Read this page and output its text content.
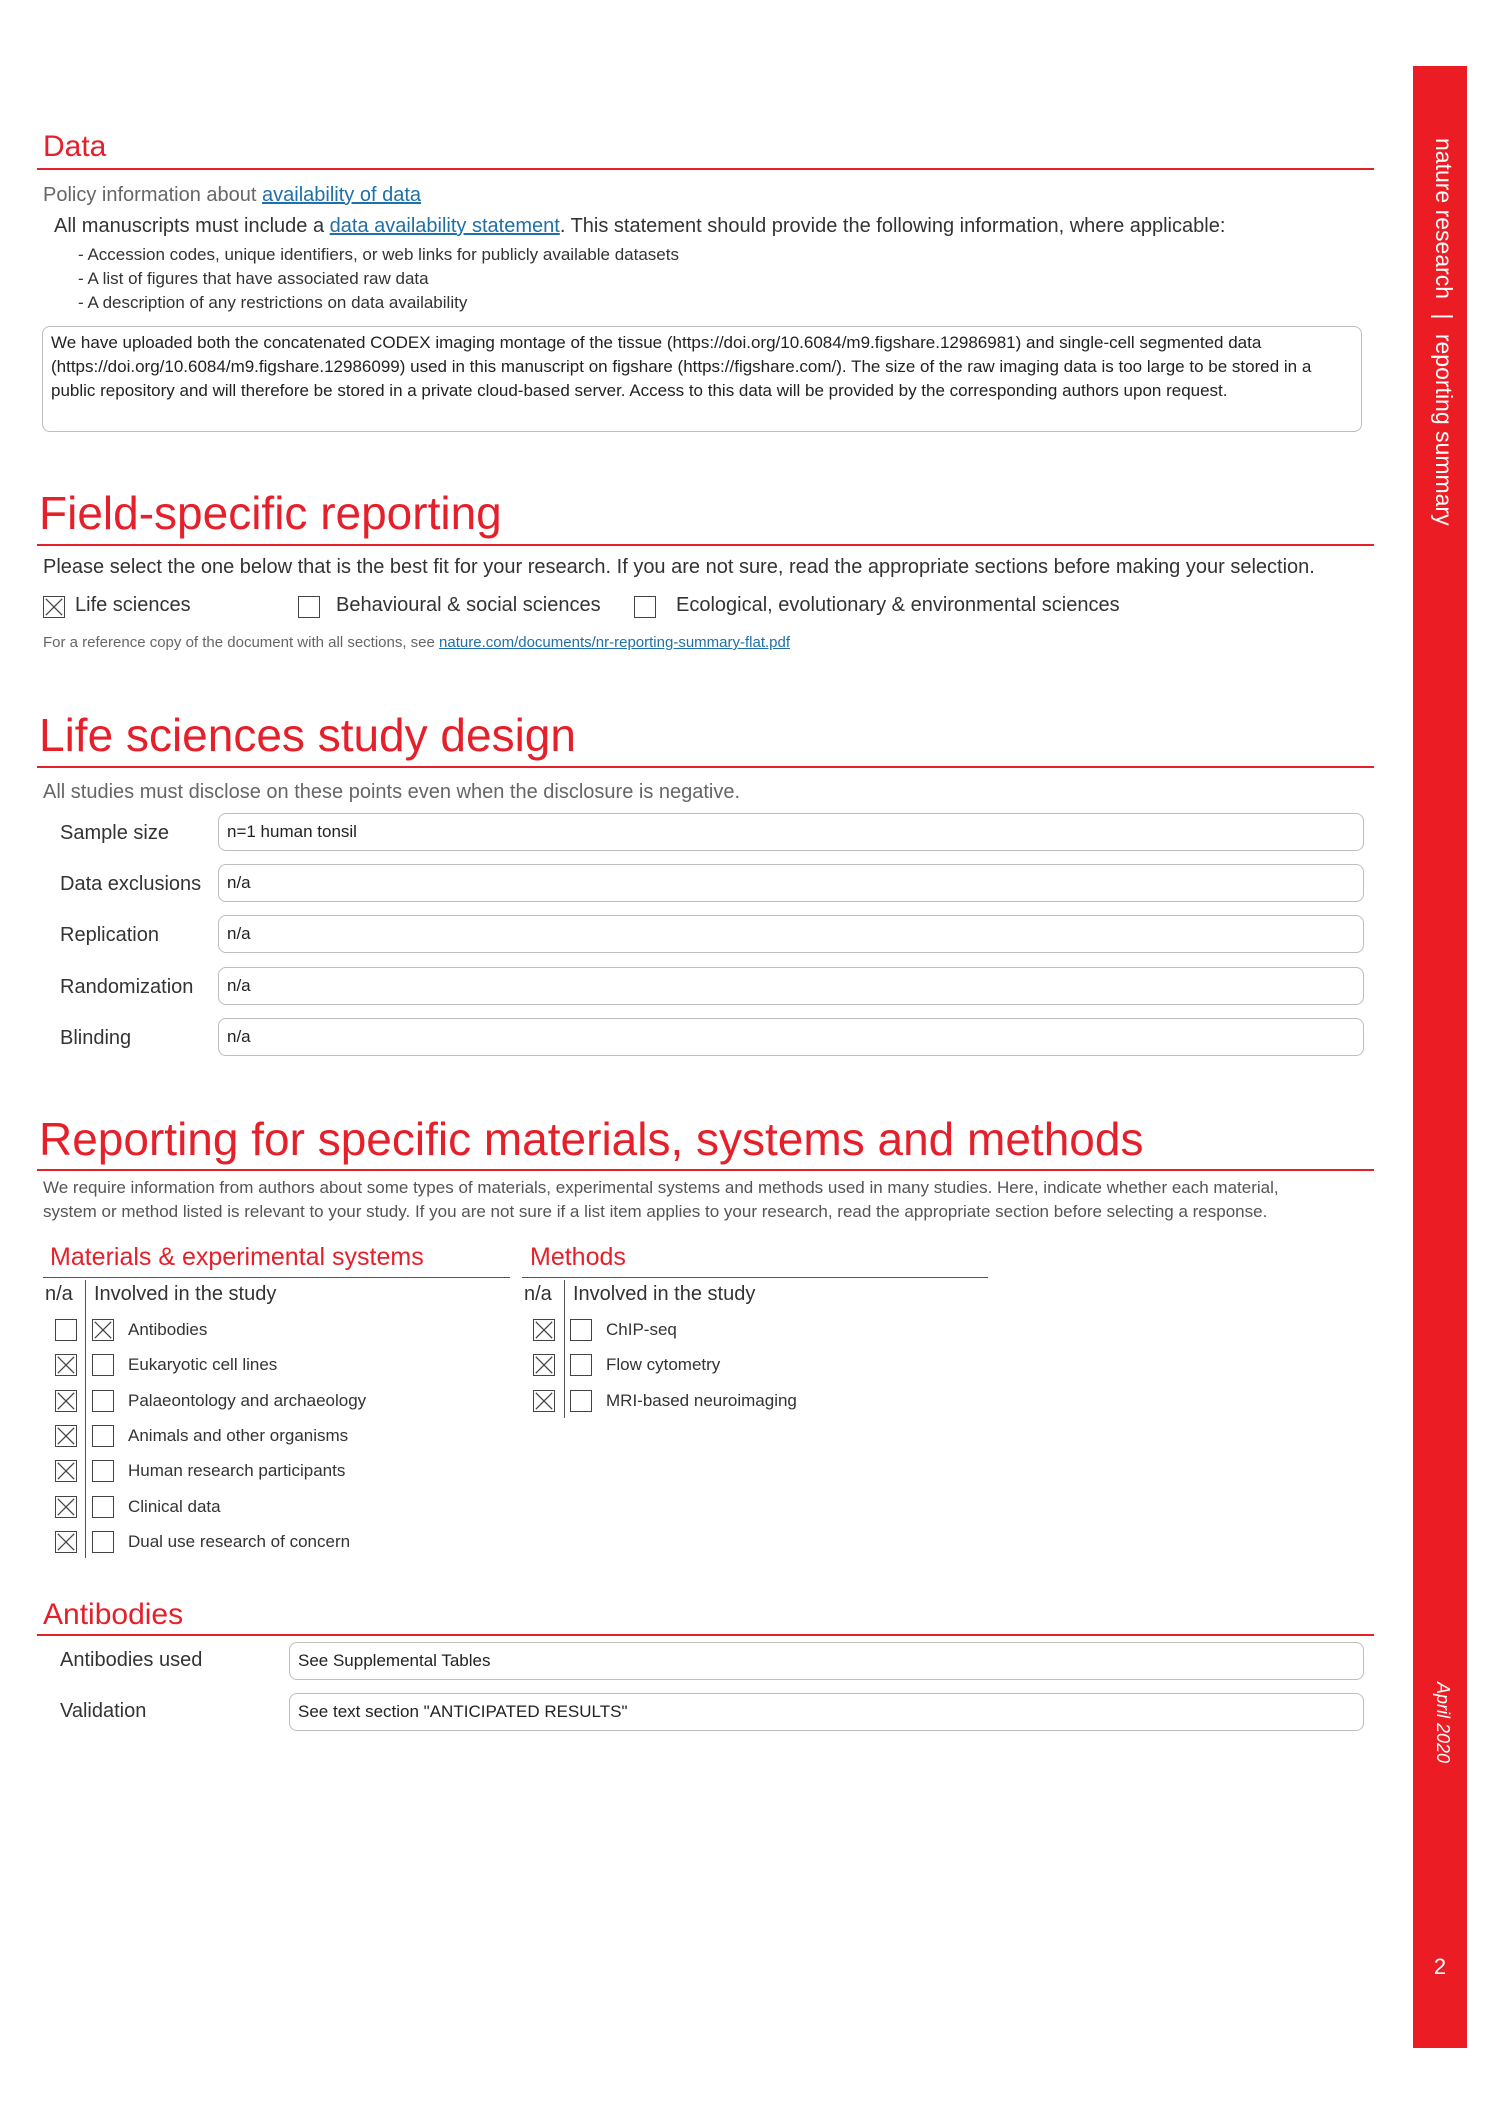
nature research | reporting summary
April 2020
2
Data
Policy information about availability of data
All manuscripts must include a data availability statement. This statement should provide the following information, where applicable:
- Accession codes, unique identifiers, or web links for publicly available datasets
- A list of figures that have associated raw data
- A description of any restrictions on data availability
We have uploaded both the concatenated CODEX imaging montage of the tissue (https://doi.org/10.6084/m9.figshare.12986981) and single-cell segmented data (https://doi.org/10.6084/m9.figshare.12986099) used in this manuscript on figshare (https://figshare.com/). The size of the raw imaging data is too large to be stored in a public repository and will therefore be stored in a private cloud-based server. Access to this data will be provided by the corresponding authors upon request.
Field-specific reporting
Please select the one below that is the best fit for your research. If you are not sure, read the appropriate sections before making your selection.
Life sciences	Behavioural & social sciences	Ecological, evolutionary & environmental sciences
For a reference copy of the document with all sections, see nature.com/documents/nr-reporting-summary-flat.pdf
Life sciences study design
All studies must disclose on these points even when the disclosure is negative.
Sample size	n=1 human tonsil
Data exclusions n/a
Replication	n/a
Randomization n/a
Blinding	n/a
Reporting for specific materials, systems and methods
We require information from authors about some types of materials, experimental systems and methods used in many studies. Here, indicate whether each material,
system or method listed is relevant to your study. If you are not sure if a list item applies to your research, read the appropriate section before selecting a response.
Materials & experimental systems
n/a Involved in the study
Antibodies
Eukaryotic cell lines
Palaeontology and archaeology
Animals and other organisms
Human research participants
Clinical data
Dual use research of concern
Methods
n/a Involved in the study
ChIP-seq
Flow cytometry
MRI-based neuroimaging
Antibodies
Antibodies used	See Supplemental Tables
Validation	See text section "ANTICIPATED RESULTS"
